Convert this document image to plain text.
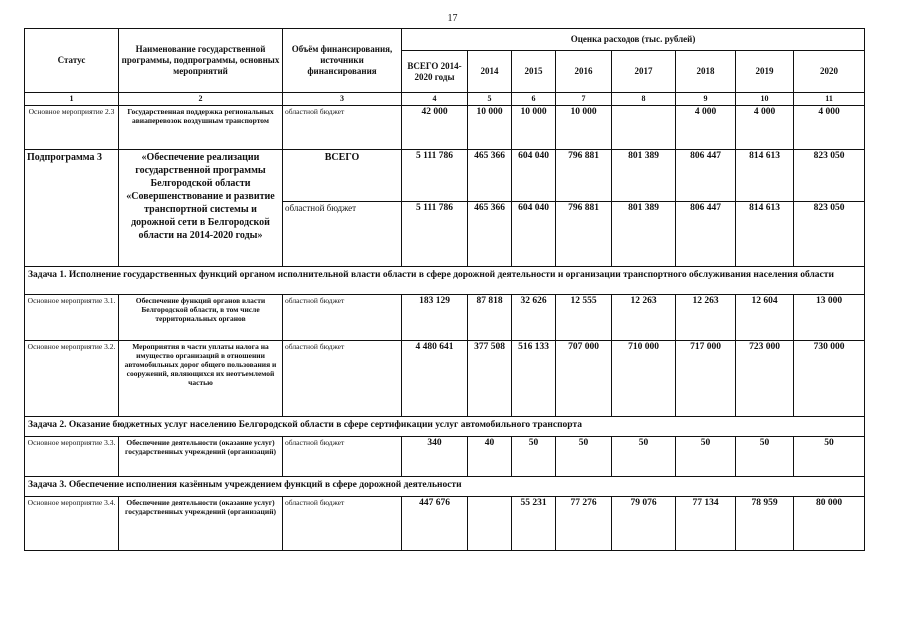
17
Статус	Наименование государственной программы, подпрограммы, основных мероприятий	Объём финансирования, источники финансирования	Оценка расходов (тыс. рублей)							
			ВСЕГО 2014-2020 годы	2014	2015	2016	2017	2018	2019	2020
1	2	3	4	5	6	7	8	9	10	11
Основное мероприятие 2.3	Государственная поддержка региональных авиаперевозок воздушным транспортом	областной бюджет	42 000	10 000	10 000	10 000		4 000	4 000	4 000
Подпрограмма 3	«Обеспечение реализации государственной программы Белгородской области «Совершенствование и развитие транспортной системы и дорожной сети в Белгородской области на 2014-2020 годы»	ВСЕГО	5 111 786	465 366	604 040	796 881	801 389	806 447	814 613	823 050
		областной бюджет	5 111 786	465 366	604 040	796 881	801 389	806 447	814 613	823 050
Задача 1. Исполнение государственных функций органом исполнительной власти области в сфере дорожной деятельности и организации транспортного обслуживания населения области										
Основное мероприятие 3.1.	Обеспечение функций органов власти Белгородской области, в том числе территориальных органов	областной бюджет	183 129	87 818	32 626	12 555	12 263	12 263	12 604	13 000
Основное мероприятие 3.2.	Мероприятия в части уплаты налога на имущество организаций в отношении автомобильных дорог общего пользования и сооружений, являющихся их неотъемлемой частью	областной бюджет	4 480 641	377 508	516 133	707 000	710 000	717 000	723 000	730 000
Задача 2. Оказание бюджетных услуг населению Белгородской области в сфере сертификации услуг автомобильного транспорта										
Основное мероприятие 3.3.	Обеспечение деятельности (оказание услуг) государственных учреждений (организаций)	областной бюджет	340	40	50	50	50	50	50	50
Задача 3. Обеспечение исполнения казённым учреждением функций в сфере дорожной деятельности										
Основное мероприятие 3.4.	Обеспечение деятельности (оказание услуг) государственных учреждений (организаций)	областной бюджет	447 676		55 231	77 276	79 076	77 134	78 959	80 000
